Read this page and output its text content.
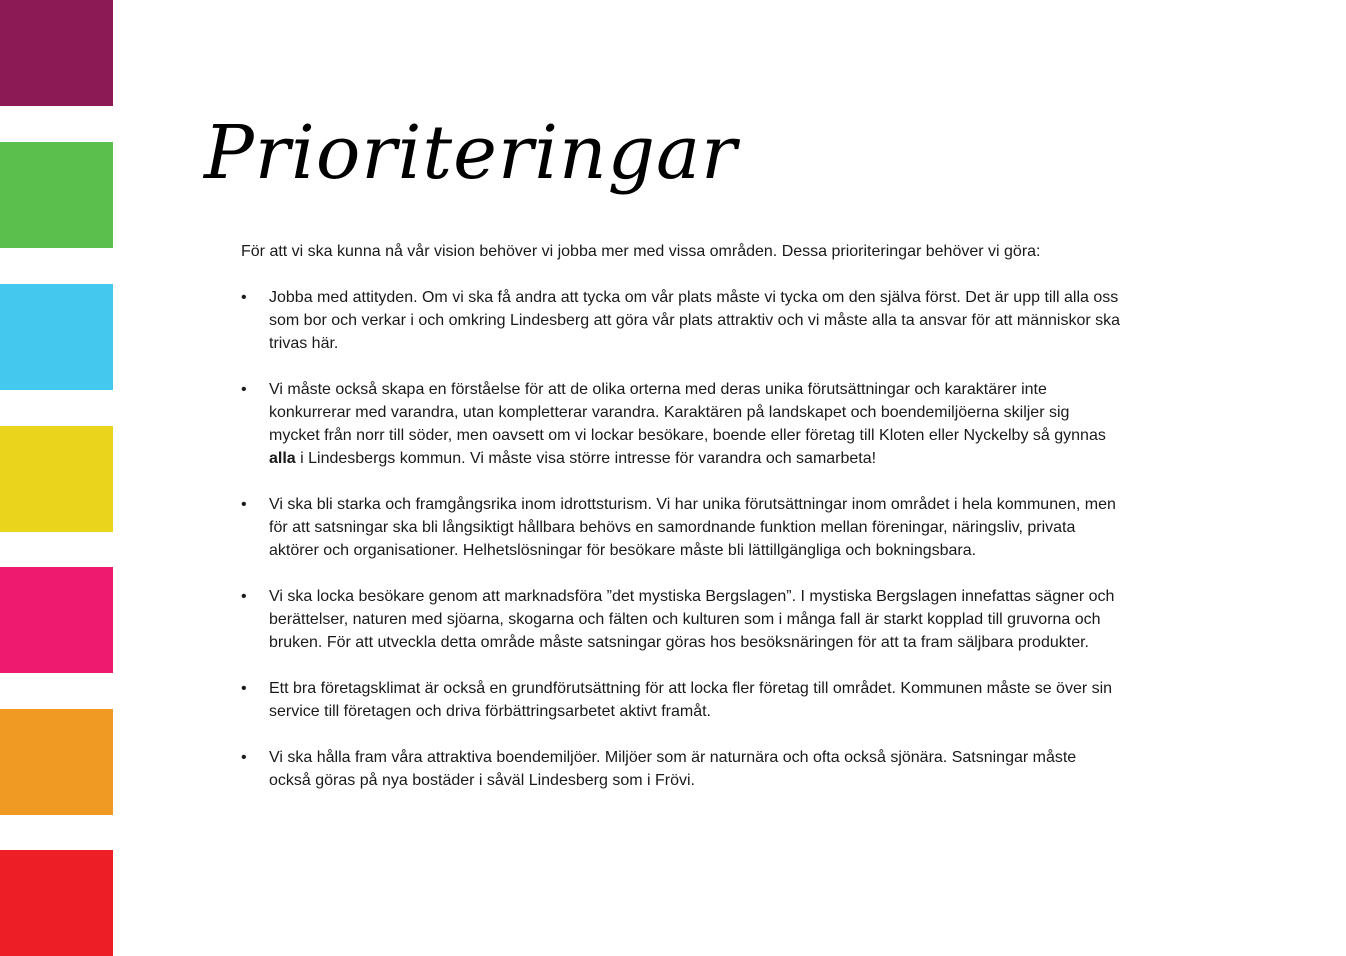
Prioriteringar

För att vi ska kunna nå vår vision behöver vi jobba mer med vissa områden. Dessa prioriteringar behöver vi göra:

•	Jobba med attityden. Om vi ska få andra att tycka om vår plats måste vi tycka om den själva först. Det är upp till alla oss som bor och verkar i och omkring Lindesberg att göra vår plats attraktiv och vi måste alla ta ansvar för att människor ska trivas här.
•	Vi måste också skapa en förståelse för att de olika orterna med deras unika förutsättningar och karaktärer inte konkurrerar med varandra, utan kompletterar varandra. Karaktären på landskapet och boendemiljöerna skiljer sig mycket från norr till söder, men oavsett om vi lockar besökare, boende eller företag till Kloten eller Nyckelby så gynnas alla i Lindesbergs kommun. Vi måste visa större intresse för varandra och samarbeta!
•	Vi ska bli starka och framgångsrika inom idrottsturism. Vi har unika förutsättningar inom området i hela kommunen, men för att satsningar ska bli långsiktigt hållbara behövs en samordnande funktion mellan föreningar, näringsliv, privata aktörer och organisationer. Helhetslösningar för besökare måste bli lättillgängliga och bokningsbara.
•	Vi ska locka besökare genom att marknadsföra ”det mystiska Bergslagen”. I mystiska Bergslagen innefattas sägner och berättelser, naturen med sjöarna, skogarna och fälten och kulturen som i många fall är starkt kopplad till gruvorna och bruken. För att utveckla detta område måste satsningar göras hos besöksnäringen för att ta fram säljbara produkter.
•	Ett bra företagsklimat är också en grundförutsättning för att locka fler företag till området. Kommunen måste se över sin service till företagen och driva förbättringsarbetet aktivt framåt.
•	Vi ska hålla fram våra attraktiva boendemiljöer. Miljöer som är naturnära och ofta också sjönära. Satsningar måste också göras på nya bostäder i såväl Lindesberg som i Frövi.
